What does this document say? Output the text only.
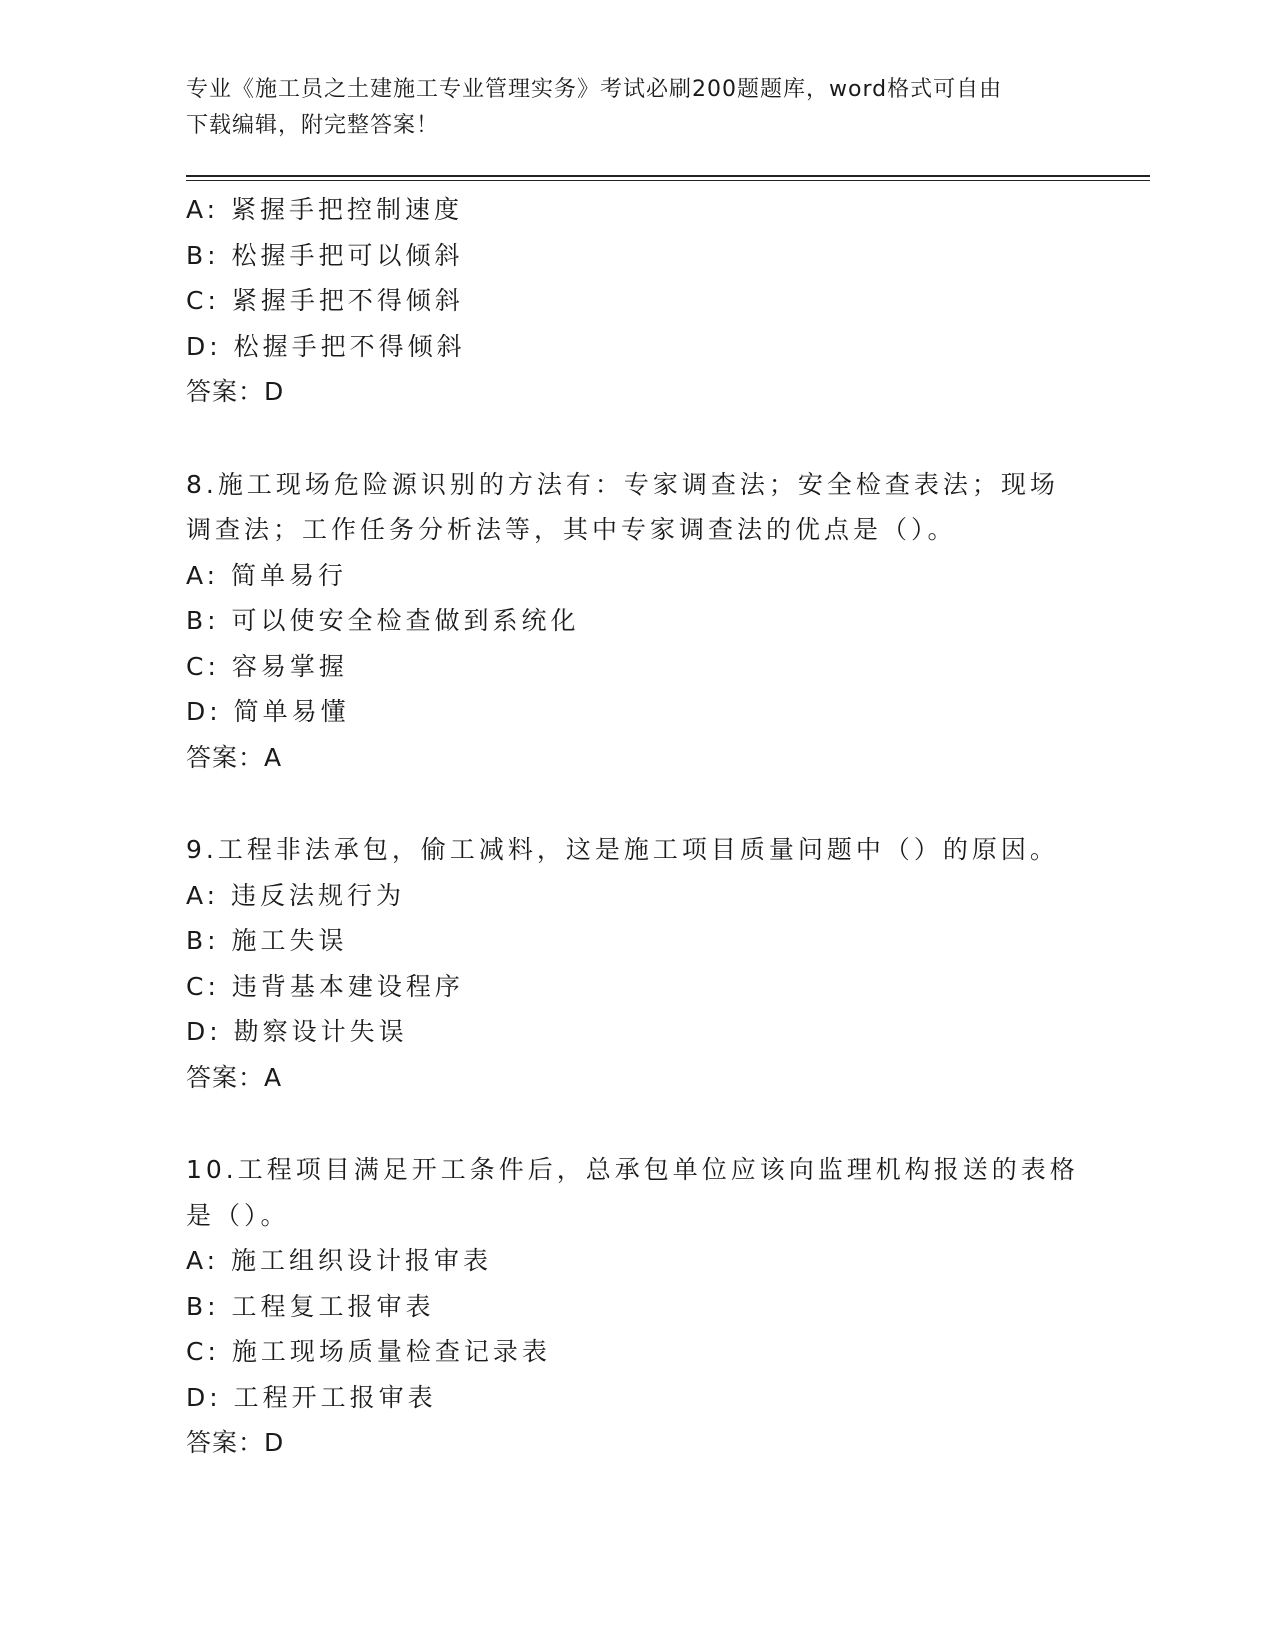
专业《施工员之土建施工专业管理实务》考试必刷200题题库，word格式可自由
下载编辑，附完整答案！
A: 紧握手把控制速度
B: 松握手把可以倾斜
C: 紧握手把不得倾斜
D: 松握手把不得倾斜
答案：D
8.施工现场危险源识别的方法有：专家调查法；安全检查表法；现场
调查法；工作任务分析法等，其中专家调查法的优点是（）。
A: 简单易行
B: 可以使安全检查做到系统化
C: 容易掌握
D: 简单易懂
答案：A
9.工程非法承包，偷工减料，这是施工项目质量问题中（）的原因。
A: 违反法规行为
B: 施工失误
C: 违背基本建设程序
D: 勘察设计失误
答案：A
10.工程项目满足开工条件后，总承包单位应该向监理机构报送的表格
是（）。
A: 施工组织设计报审表
B: 工程复工报审表
C: 施工现场质量检查记录表
D: 工程开工报审表
答案：D
